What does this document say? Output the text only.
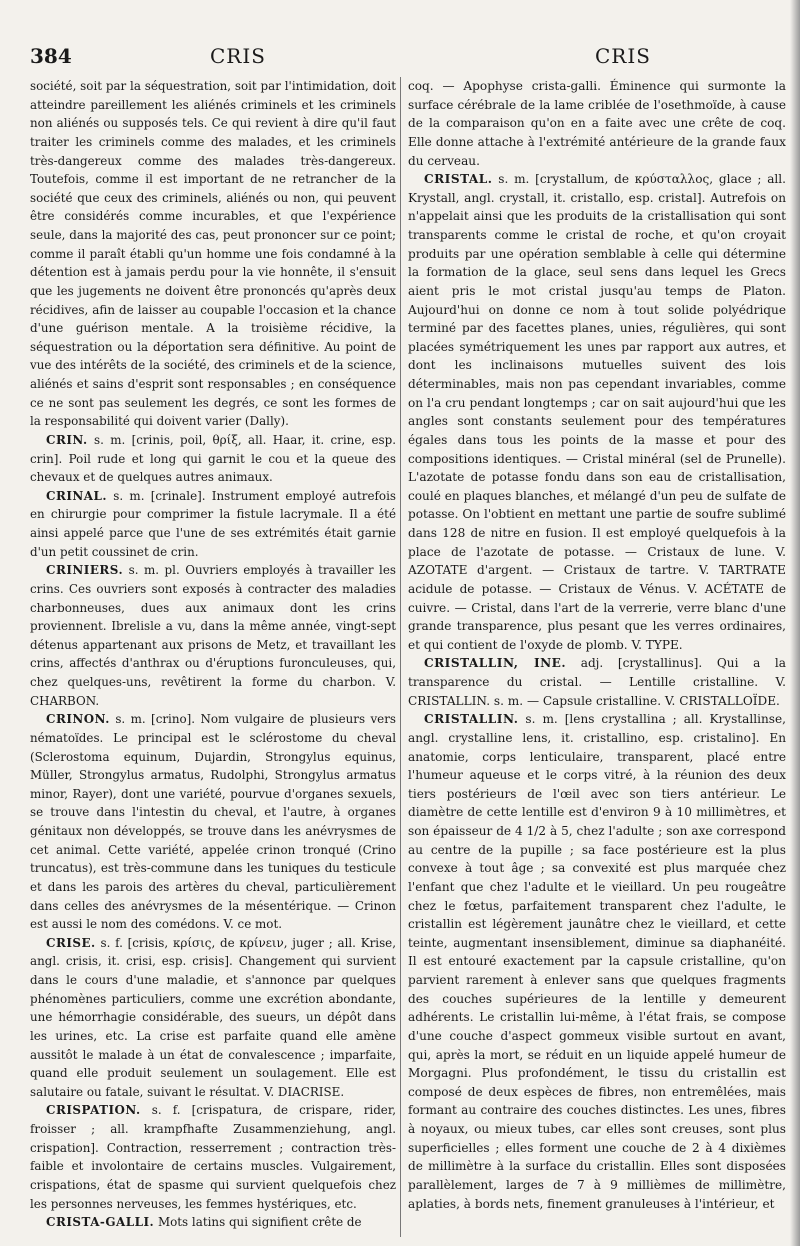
384	CRIS	CRIS

société, soit par la séquestration, soit par l'intimidation, doit atteindre pareillement les aliénés criminels et les criminels non aliénés ou supposés tels. Ce qui revient à dire qu'il faut traiter les criminels comme des malades, et les criminels très-dangereux comme des malades très-dangereux. Toutefois, comme il est important de ne retrancher de la société que ceux des criminels, aliénés ou non, qui peuvent être considérés comme incurables, et que l'expérience seule, dans la majorité des cas, peut prononcer sur ce point; comme il paraît établi qu'un homme une fois condamné à la détention est à jamais perdu pour la vie honnête, il s'ensuit que les jugements ne doivent être prononcés qu'après deux récidives, afin de laisser au coupable l'occasion et la chance d'une guérison mentale. A la troisième récidive, la séquestration ou la déportation sera définitive. Au point de vue des intérêts de la société, des criminels et de la science, aliénés et sains d'esprit sont responsables ; en conséquence ce ne sont pas seulement les degrés, ce sont les formes de la responsabilité qui doivent varier (Dally).

CRIN. s. m. [crinis, poil, θρίξ, all. Haar, it. crine, esp. crin]. Poil rude et long qui garnit le cou et la queue des chevaux et de quelques autres animaux.

CRINAL. s. m. [crinale]. Instrument employé autrefois en chirurgie pour comprimer la fistule lacrymale. Il a été ainsi appelé parce que l'une de ses extrémités était garnie d'un petit coussinet de crin.

CRINIERS. s. m. pl. Ouvriers employés à travailler les crins. Ces ouvriers sont exposés à contracter des maladies charbonneuses, dues aux animaux dont les crins proviennent. Ibrelisle a vu, dans la même année, vingt-sept détenus appartenant aux prisons de Metz, et travaillant les crins, affectés d'anthrax ou d'éruptions furonculeuses, qui, chez quelques-uns, revêtirent la forme du charbon. V. CHARBON.

CRINON. s. m. [crino]. Nom vulgaire de plusieurs vers nématoïdes. Le principal est le sclérostome du cheval (Sclerostoma equinum, Dujardin, Strongylus equinus, Müller, Strongylus armatus, Rudolphi, Strongylus armatus minor, Rayer), dont une variété, pourvue d'organes sexuels, se trouve dans l'intestin du cheval, et l'autre, à organes génitaux non développés, se trouve dans les anévrysmes de cet animal. Cette variété, appelée crinon tronqué (Crino truncatus), est très-commune dans les tuniques du testicule et dans les parois des artères du cheval, particulièrement dans celles des anévrysmes de la mésentérique. — Crinon est aussi le nom des comédons. V. ce mot.

CRISE. s. f. [crisis, κρίσις, de κρίνειν, juger ; all. Krise, angl. crisis, it. crisi, esp. crisis]. Changement qui survient dans le cours d'une maladie, et s'annonce par quelques phénomènes particuliers, comme une excrétion abondante, une hémorrhagie considérable, des sueurs, un dépôt dans les urines, etc. La crise est parfaite quand elle amène aussitôt le malade à un état de convalescence ; imparfaite, quand elle produit seulement un soulagement. Elle est salutaire ou fatale, suivant le résultat. V. DIACRISE.

CRISPATION. s. f. [crispatura, de crispare, rider, froisser ; all. krampfhafte Zusammenziehung, angl. crispation]. Contraction, resserrement ; contraction très-faible et involontaire de certains muscles. Vulgairement, crispations, état de spasme qui survient quelquefois chez les personnes nerveuses, les femmes hystériques, etc.

CRISTA-GALLI. Mots latins qui signifient crête de

coq. — Apophyse crista-galli. Éminence qui surmonte la surface cérébrale de la lame criblée de l'osethmoïde, à cause de la comparaison qu'on en a faite avec une crête de coq. Elle donne attache à l'extrémité antérieure de la grande faux du cerveau.

CRISTAL. s. m. [crystallum, de κρύσταλλος, glace ; all. Krystall, angl. crystall, it. cristallo, esp. cristal]. Autrefois on n'appelait ainsi que les produits de la cristallisation qui sont transparents comme le cristal de roche, et qu'on croyait produits par une opération semblable à celle qui détermine la formation de la glace, seul sens dans lequel les Grecs aient pris le mot cristal jusqu'au temps de Platon. Aujourd'hui on donne ce nom à tout solide polyédrique terminé par des facettes planes, unies, régulières, qui sont placées symétriquement les unes par rapport aux autres, et dont les inclinaisons mutuelles suivent des lois déterminables, mais non pas cependant invariables, comme on l'a cru pendant longtemps ; car on sait aujourd'hui que les angles sont constants seulement pour des températures égales dans tous les points de la masse et pour des compositions identiques. — Cristal minéral (sel de Prunelle). L'azotate de potasse fondu dans son eau de cristallisation, coulé en plaques blanches, et mélangé d'un peu de sulfate de potasse. On l'obtient en mettant une partie de soufre sublimé dans 128 de nitre en fusion. Il est employé quelquefois à la place de l'azotate de potasse. — Cristaux de lune. V. AZOTATE d'argent. — Cristaux de tartre. V. TARTRATE acidule de potasse. — Cristaux de Vénus. V. ACÉTATE de cuivre. — Cristal, dans l'art de la verrerie, verre blanc d'une grande transparence, plus pesant que les verres ordinaires, et qui contient de l'oxyde de plomb. V. TYPE.

CRISTALLIN, INE. adj. [crystallinus]. Qui a la transparence du cristal. — Lentille cristalline. V. CRISTALLIN. s. m. — Capsule cristalline. V. CRISTALLOÏDE.

CRISTALLIN. s. m. [lens crystallina ; all. Krystallinse, angl. crystalline lens, it. cristallino, esp. cristalino]. En anatomie, corps lenticulaire, transparent, placé entre l'humeur aqueuse et le corps vitré, à la réunion des deux tiers postérieurs de l'œil avec son tiers antérieur. Le diamètre de cette lentille est d'environ 9 à 10 millimètres, et son épaisseur de 4 1/2 à 5, chez l'adulte ; son axe correspond au centre de la pupille ; sa face postérieure est la plus convexe à tout âge ; sa convexité est plus marquée chez l'enfant que chez l'adulte et le vieillard. Un peu rougeâtre chez le fœtus, parfaitement transparent chez l'adulte, le cristallin est légèrement jaunâtre chez le vieillard, et cette teinte, augmentant insensiblement, diminue sa diaphanéité. Il est entouré exactement par la capsule cristalline, qu'on parvient rarement à enlever sans que quelques fragments des couches supérieures de la lentille y demeurent adhérents. Le cristallin lui-même, à l'état frais, se compose d'une couche d'aspect gommeux visible surtout en avant, qui, après la mort, se réduit en un liquide appelé humeur de Morgagni. Plus profondément, le tissu du cristallin est composé de deux espèces de fibres, non entremêlées, mais formant au contraire des couches distinctes. Les unes, fibres à noyaux, ou mieux tubes, car elles sont creuses, sont plus superficielles ; elles forment une couche de 2 à 4 dixièmes de millimètre à la surface du cristallin. Elles sont disposées parallèlement, larges de 7 à 9 millièmes de millimètre, aplaties, à bords nets, finement granuleuses à l'intérieur, et
